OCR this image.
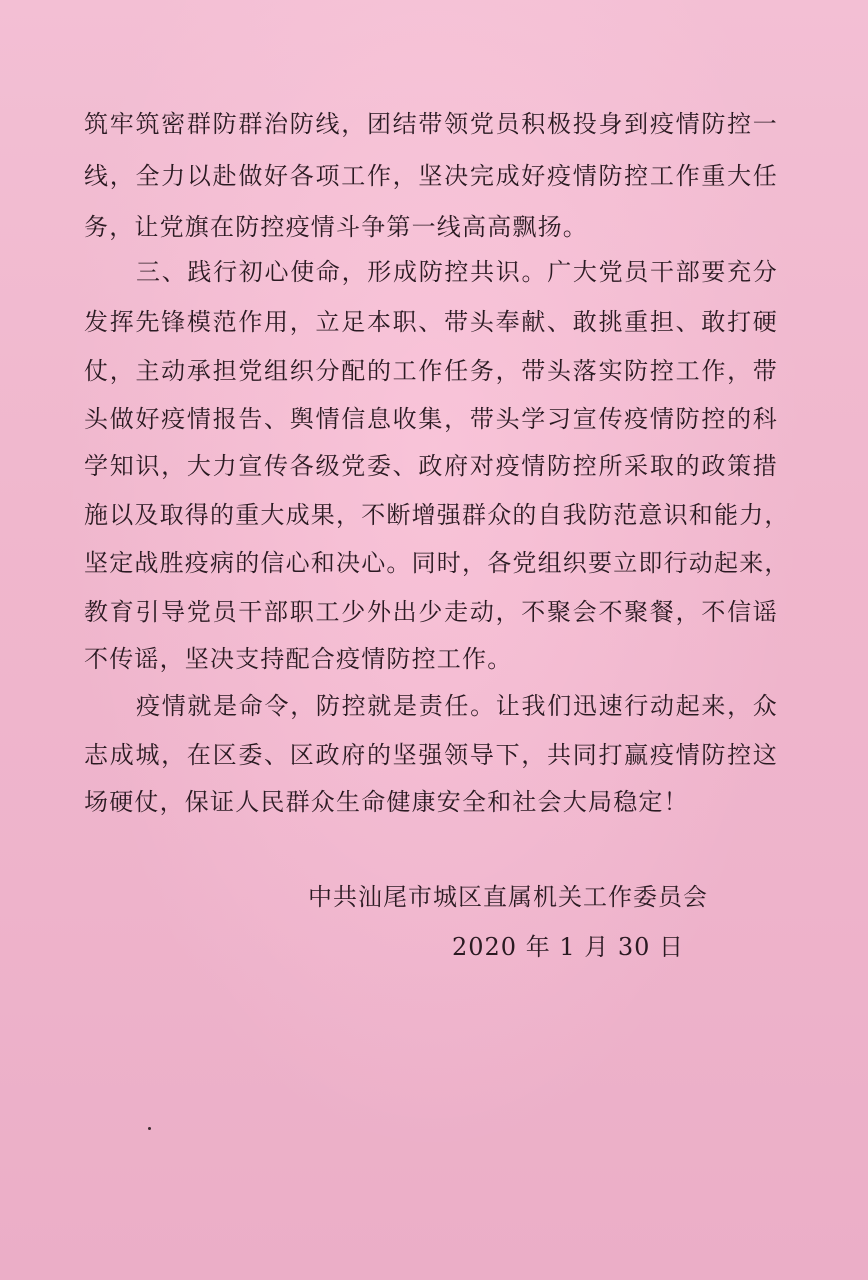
筑牢筑密群防群治防线，团结带领党员积极投身到疫情防控一
线，全力以赴做好各项工作，坚决完成好疫情防控工作重大任
务，让党旗在防控疫情斗争第一线高高飘扬。
三、践行初心使命，形成防控共识。广大党员干部要充分
发挥先锋模范作用，立足本职、带头奉献、敢挑重担、敢打硬
仗，主动承担党组织分配的工作任务，带头落实防控工作，带
头做好疫情报告、舆情信息收集，带头学习宣传疫情防控的科
学知识，大力宣传各级党委、政府对疫情防控所采取的政策措
施以及取得的重大成果，不断增强群众的自我防范意识和能力，
坚定战胜疫病的信心和决心。同时，各党组织要立即行动起来，
教育引导党员干部职工少外出少走动，不聚会不聚餐，不信谣
不传谣，坚决支持配合疫情防控工作。
疫情就是命令，防控就是责任。让我们迅速行动起来，众
志成城，在区委、区政府的坚强领导下，共同打赢疫情防控这
场硬仗，保证人民群众生命健康安全和社会大局稳定！
中共汕尾市城区直属机关工作委员会
2020 年 1 月 30 日
